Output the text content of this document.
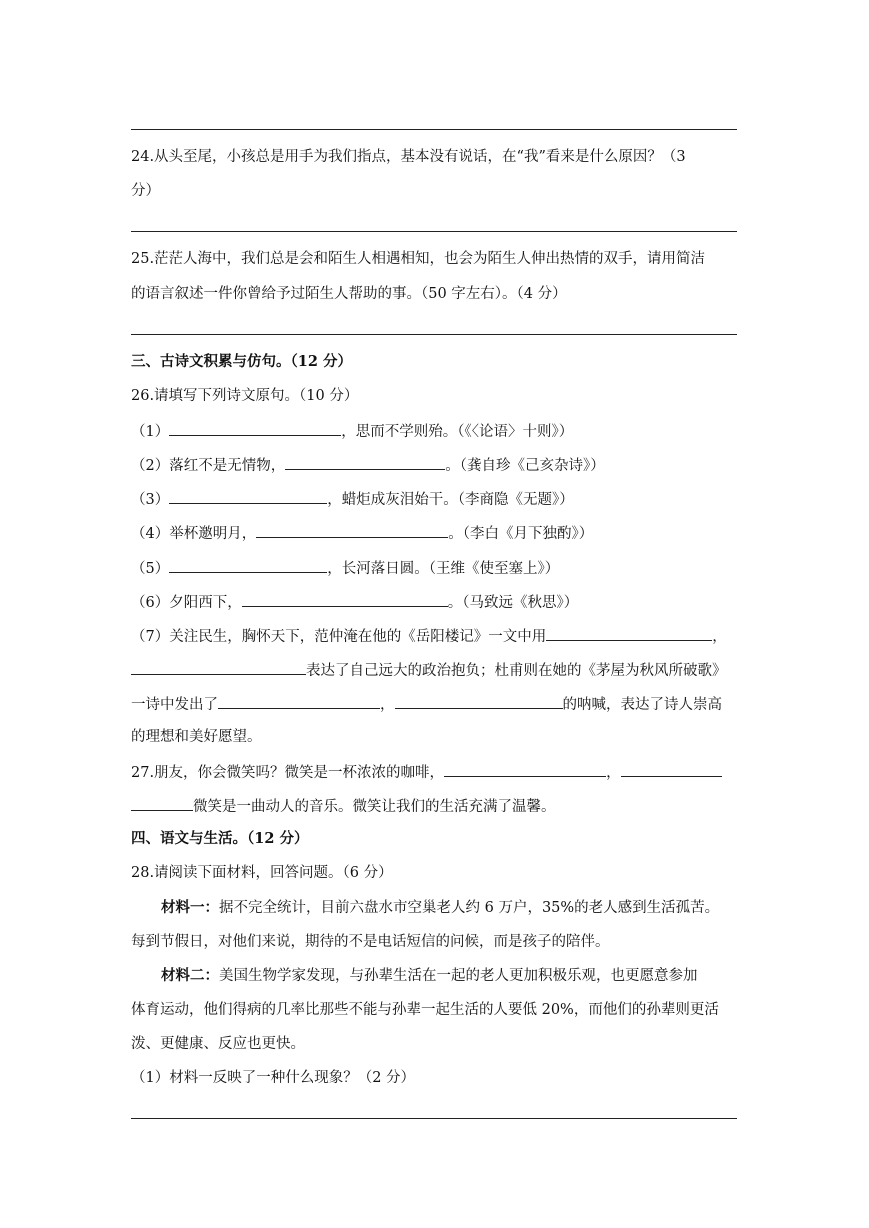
24.从头至尾，小孩总是用手为我们指点，基本没有说话，在“我”看来是什么原因？（3
分）
25.茫茫人海中，我们总是会和陌生人相遇相知，也会为陌生人伸出热情的双手，请用简洁
的语言叙述一件你曾给予过陌生人帮助的事。（50 字左右）。（4 分）
三、古诗文积累与仿句。（12 分）
26.请填写下列诗文原句。（10 分）
（1）	，思而不学则殆。（《〈论语〉十则》）
（2）落红不是无情物，	。（龚自珍《己亥杂诗》）
（3）	，蜡炬成灰泪始干。（李商隐《无题》）
（4）举杯邀明月，	。（李白《月下独酌》）
（5）	，长河落日圆。（王维《使至塞上》）
（6）夕阳西下，	。（马致远《秋思》）
（7）关注民生，胸怀天下，范仲淹在他的《岳阳楼记》一文中用	，
表达了自己远大的政治抱负；杜甫则在她的《茅屋为秋风所破歌》
一诗中发出了	，	的呐喊，表达了诗人崇高
的理想和美好愿望。
27.朋友，你会微笑吗？微笑是一杯浓浓的咖啡，	，
微笑是一曲动人的音乐。微笑让我们的生活充满了温馨。
四、语文与生活。（12 分）
28.请阅读下面材料，回答问题。（6 分）
材料一：据不完全统计，目前六盘水市空巢老人约 6 万户，35%的老人感到生活孤苦。
每到节假日，对他们来说，期待的不是电话短信的问候，而是孩子的陪伴。
材料二：美国生物学家发现，与孙辈生活在一起的老人更加积极乐观，也更愿意参加
体育运动，他们得病的几率比那些不能与孙辈一起生活的人要低 20%，而他们的孙辈则更活
泼、更健康、反应也更快。
（1）材料一反映了一种什么现象？（2 分）
